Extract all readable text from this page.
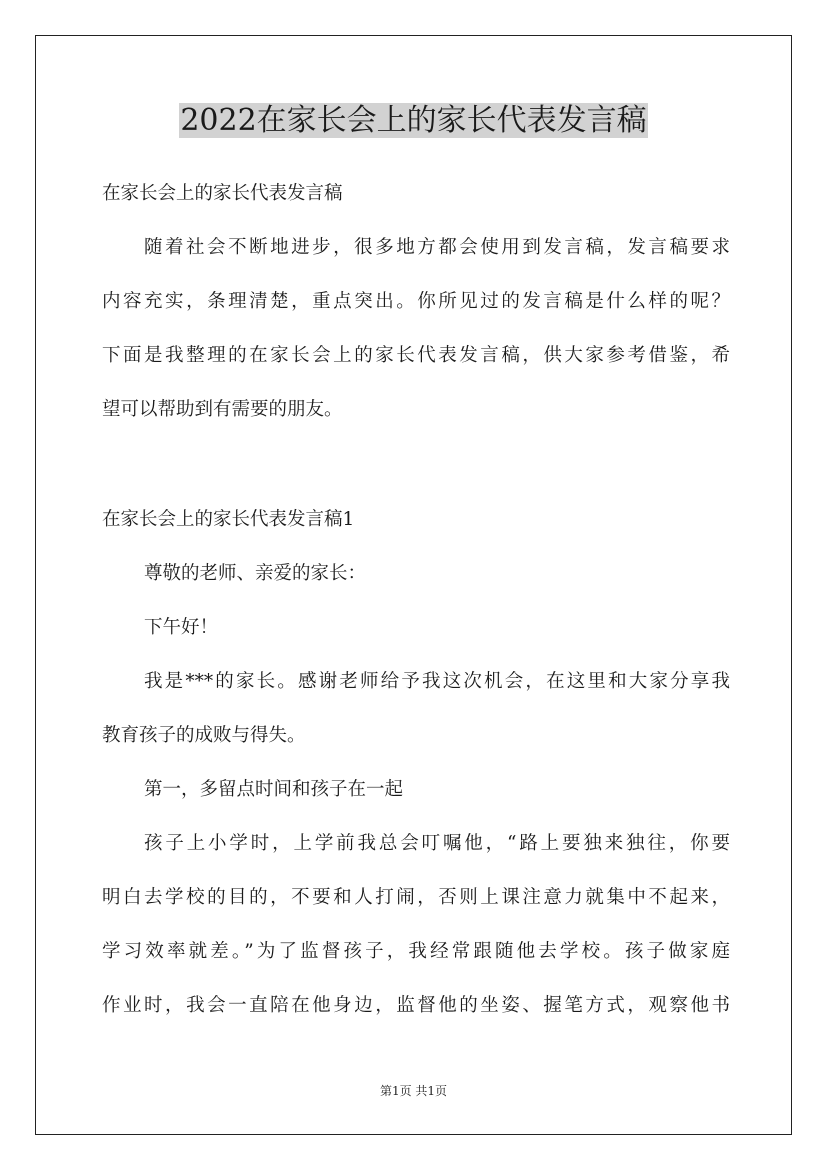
2022在家长会上的家长代表发言稿
在家长会上的家长代表发言稿
随着社会不断地进步，很多地方都会使用到发言稿，发言稿要求
内容充实，条理清楚，重点突出。你所见过的发言稿是什么样的呢？
下面是我整理的在家长会上的家长代表发言稿，供大家参考借鉴，希
望可以帮助到有需要的朋友。
在家长会上的家长代表发言稿1
尊敬的老师、亲爱的家长：
下午好！
我是***的家长。感谢老师给予我这次机会，在这里和大家分享我
教育孩子的成败与得失。
第一，多留点时间和孩子在一起
孩子上小学时，上学前我总会叮嘱他，“路上要独来独往，你要
明白去学校的目的，不要和人打闹，否则上课注意力就集中不起来，
学习效率就差。”为了监督孩子，我经常跟随他去学校。孩子做家庭
作业时，我会一直陪在他身边，监督他的坐姿、握笔方式，观察他书
第1页 共1页
